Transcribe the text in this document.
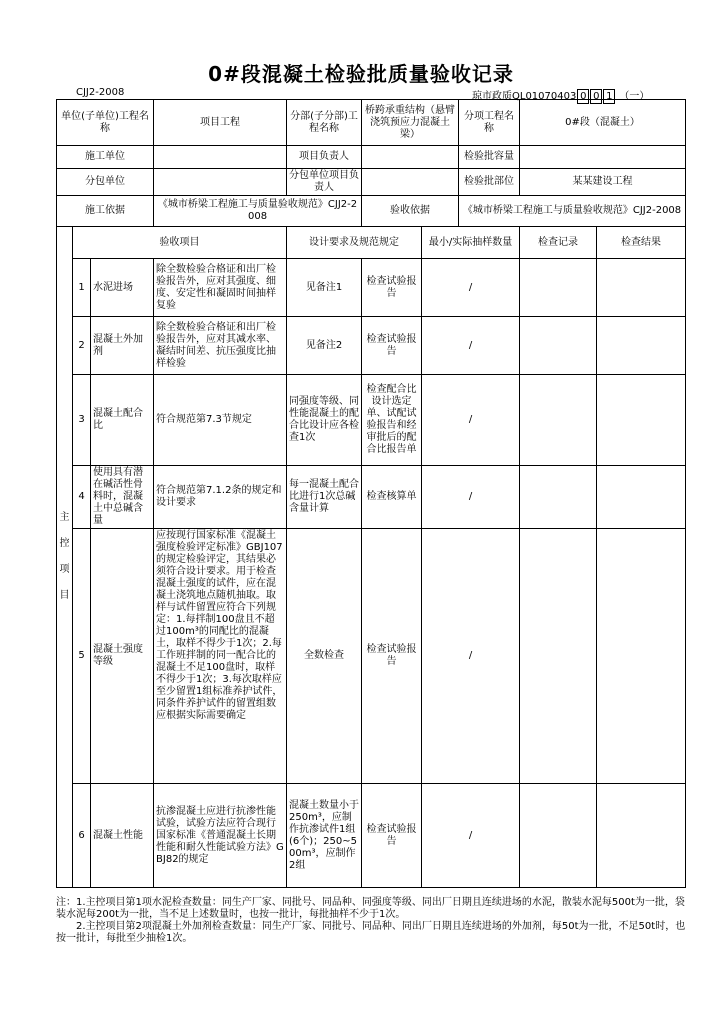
0#段混凝土检验批质量验收记录
CJJ2-2008	琼市政质QL01070403 0 0 1 （一）
单位(子单位)工程名称			项目工程	分部(子分部)工程名称	桥跨承重结构（悬臂浇筑预应力混凝土梁）		分项工程名称	0#段（混凝土）	
施工单位				项目负责人			检验批容量		
分包单位				分包单位项目负责人			检验批部位	某某建设工程	
施工依据			《城市桥梁工程施工与质量验收规范》CJJ2-2008		验收依据		《城市桥梁工程施工与质量验收规范》CJJ2-2008		
主控项目	验收项目			设计要求及规范规定		最小/实际抽样数量		检查记录	检查结果
	1	水泥进场	除全数检验合格证和出厂检验报告外，应对其强度、细度、安定性和凝固时间抽样复验	见备注1	检查试验报告	/			
	2	混凝土外加剂	除全数检验合格证和出厂检验报告外，应对其减水率、凝结时间差、抗压强度比抽样检验	见备注2	检查试验报告	/			
	3	混凝土配合比	符合规范第7.3节规定	同强度等级、同性能混凝土的配合比设计应各检查1次	检查配合比设计选定单、试配试验报告和经审批后的配合比报告单	/			
	4	使用具有潜在碱活性骨料时，混凝土中总碱含量	符合规范第7.1.2条的规定和设计要求	每一混凝土配合比进行1次总碱含量计算	检查核算单	/			
	5	混凝土强度等级	应按现行国家标准《混凝土强度检验评定标准》GBJ107的规定检验评定，其结果必须符合设计要求。用于检查混凝土强度的试件，应在混凝土浇筑地点随机抽取。取样与试件留置应符合下列规定：1.每拌制100盘且不超过100m³的同配比的混凝土，取样不得少于1次；2.每工作班拌制的同一配合比的混凝土不足100盘时，取样不得少于1次；3.每次取样应至少留置1组标准养护试件，同条件养护试件的留置组数应根据实际需要确定	全数检查	检查试验报告	/			
	6	混凝土性能	抗渗混凝土应进行抗渗性能试验，试验方法应符合现行国家标准《普通混凝土长期性能和耐久性能试验方法》GBJ82的规定	混凝土数量小于250m³，应制作抗渗试件1组(6个)；250~500m³，应制作2组	检查试验报告	/			
注：1.主控项目第1项水泥检查数量：同生产厂家、同批号、同品种、同强度等级、同出厂日期且连续进场的水泥，散装水泥每500t为一批，袋装水泥每200t为一批，当不足上述数量时，也按一批计，每批抽样不少于1次。
2.主控项目第2项混凝土外加剂检查数量：同生产厂家、同批号、同品种、同出厂日期且连续进场的外加剂，每50t为一批，不足50t时，也按一批计，每批至少抽检1次。
